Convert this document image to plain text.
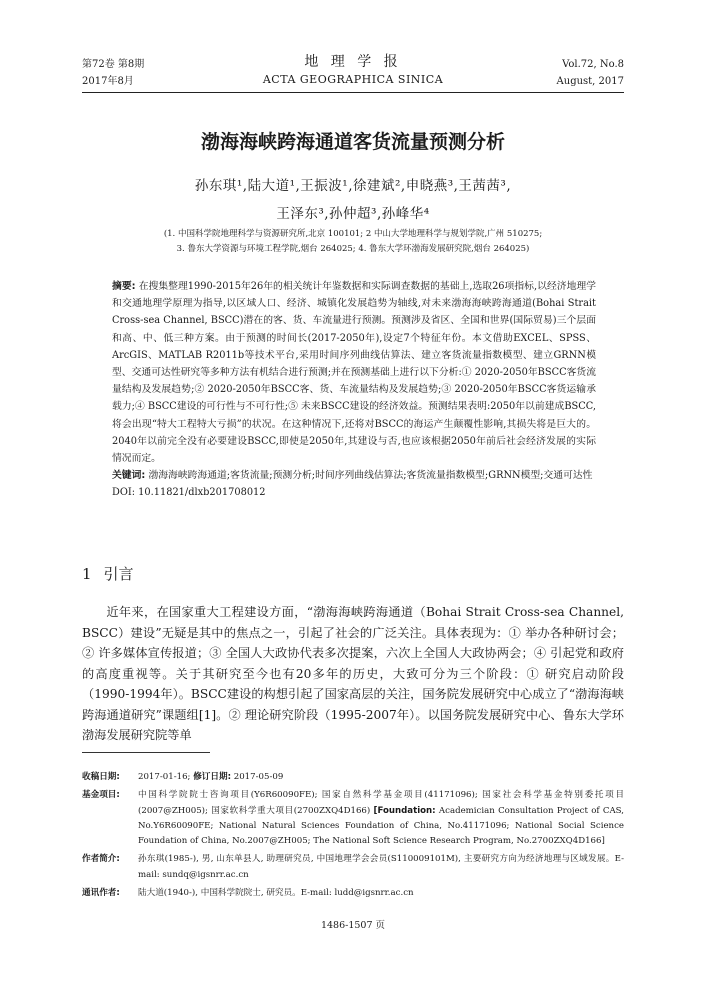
第72卷 第8期
2017年8月
地 理 学 报
ACTA GEOGRAPHICA SINICA
Vol.72, No.8
August, 2017
渤海海峡跨海通道客货流量预测分析
孙东琪¹,陆大道¹,王振波¹,徐建斌²,申晓燕³,王茜茜³,
王泽东³,孙仲超³,孙峰华⁴
(1. 中国科学院地理科学与资源研究所,北京 100101; 2 中山大学地理科学与规划学院,广州 510275;
3. 鲁东大学资源与环境工程学院,烟台 264025; 4. 鲁东大学环渤海发展研究院,烟台 264025)

摘要: 在搜集整理1990-2015年26年的相关统计年鉴数据和实际调查数据的基础上,选取26项指标,以经济地理学和交通地理学原理为指导,以区域人口、经济、城镇化发展趋势为轴线,对未来渤海海峡跨海通道(Bohai Strait Cross-sea Channel, BSCC)潜在的客、货、车流量进行预测。预测涉及省区、全国和世界(国际贸易)三个层面和高、中、低三种方案。由于预测的时间长(2017-2050年),设定7个特征年份。本文借助EXCEL、SPSS、ArcGIS、MATLAB R2011b等技术平台,采用时间序列曲线估算法、建立客货流量指数模型、建立GRNN模型、交通可达性研究等多种方法有机结合进行预测;并在预测基础上进行以下分析:① 2020-2050年BSCC客货流量结构及发展趋势;② 2020-2050年BSCC客、货、车流量结构及发展趋势;③ 2020-2050年BSCC客货运输承载力;④ BSCC建设的可行性与不可行性;⑤ 未来BSCC建设的经济效益。预测结果表明:2050年以前建成BSCC,将会出现“特大工程特大亏损”的状况。在这种情况下,还将对BSCC的海运产生颠覆性影响,其损失将是巨大的。2040年以前完全没有必要建设BSCC,即使是2050年,其建设与否,也应该根据2050年前后社会经济发展的实际情况而定。

关键词: 渤海海峡跨海通道;客货流量;预测分析;时间序列曲线估算法;客货流量指数模型;GRNN模型;交通可达性

DOI: 10.11821/dlxb201708012

1 引言

近年来，在国家重大工程建设方面，“渤海海峡跨海通道（Bohai Strait Cross-sea Channel, BSCC）建设”无疑是其中的焦点之一，引起了社会的广泛关注。具体表现为：① 举办各种研讨会；② 许多媒体宣传报道；③ 全国人大政协代表多次提案，六次上全国人大政协两会；④ 引起党和政府的高度重视等。关于其研究至今也有20多年的历史，大致可分为三个阶段：① 研究启动阶段（1990-1994年）。BSCC建设的构想引起了国家高层的关注，国务院发展研究中心成立了“渤海海峡跨海通道研究”课题组[1]。② 理论研究阶段（1995-2007年）。以国务院发展研究中心、鲁东大学环渤海发展研究院等单

收稿日期: 2017-01-16; 修订日期: 2017-05-09
基金项目: 中国科学院院士咨询项目(Y6R60090FE); 国家自然科学基金项目(41171096); 国家社会科学基金特别委托项目(2007@ZH005); 国家软科学重大项目(2700ZXQ4D166) [Foundation: Academician Consultation Project of CAS, No.Y6R60090FE; National Natural Sciences Foundation of China, No.41171096; National Social Science Foundation of China, No.2007@ZH005; The National Soft Science Research Program, No.2700ZXQ4D166]
作者简介: 孙东琪(1985-), 男, 山东单县人, 助理研究员, 中国地理学会会员(S110009101M), 主要研究方向为经济地理与区域发展。E-mail: sundq@igsnrr.ac.cn
通讯作者: 陆大道(1940-), 中国科学院院士, 研究员。E-mail: ludd@igsnrr.ac.cn
1486-1507 页
